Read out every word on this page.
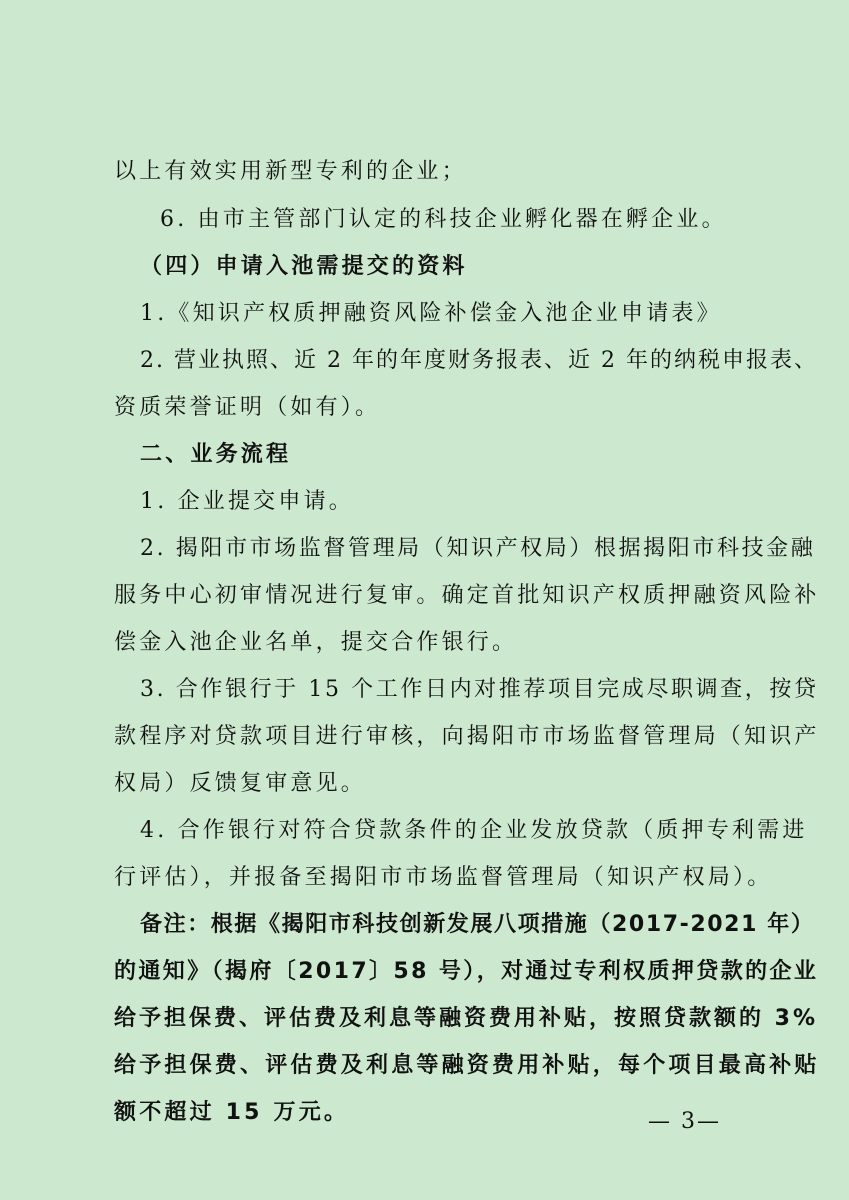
以上有效实用新型专利的企业；
6. 由市主管部门认定的科技企业孵化器在孵企业。
（四）申请入池需提交的资料
1.《知识产权质押融资风险补偿金入池企业申请表》
2. 营业执照、近 2 年的年度财务报表、近 2 年的纳税申报表、
资质荣誉证明（如有）。
二、业务流程
1. 企业提交申请。
2. 揭阳市市场监督管理局（知识产权局）根据揭阳市科技金融
服务中心初审情况进行复审。确定首批知识产权质押融资风险补
偿金入池企业名单，提交合作银行。
3. 合作银行于 15 个工作日内对推荐项目完成尽职调查，按贷
款程序对贷款项目进行审核，向揭阳市市场监督管理局（知识产
权局）反馈复审意见。
4. 合作银行对符合贷款条件的企业发放贷款（质押专利需进
行评估），并报备至揭阳市市场监督管理局（知识产权局）。
备注：根据《揭阳市科技创新发展八项措施（2017-2021 年）
的通知》（揭府〔2017〕58 号），对通过专利权质押贷款的企业
给予担保费、评估费及利息等融资费用补贴，按照贷款额的 3%
给予担保费、评估费及利息等融资费用补贴，每个项目最高补贴
额不超过 15 万元。	— 3—
